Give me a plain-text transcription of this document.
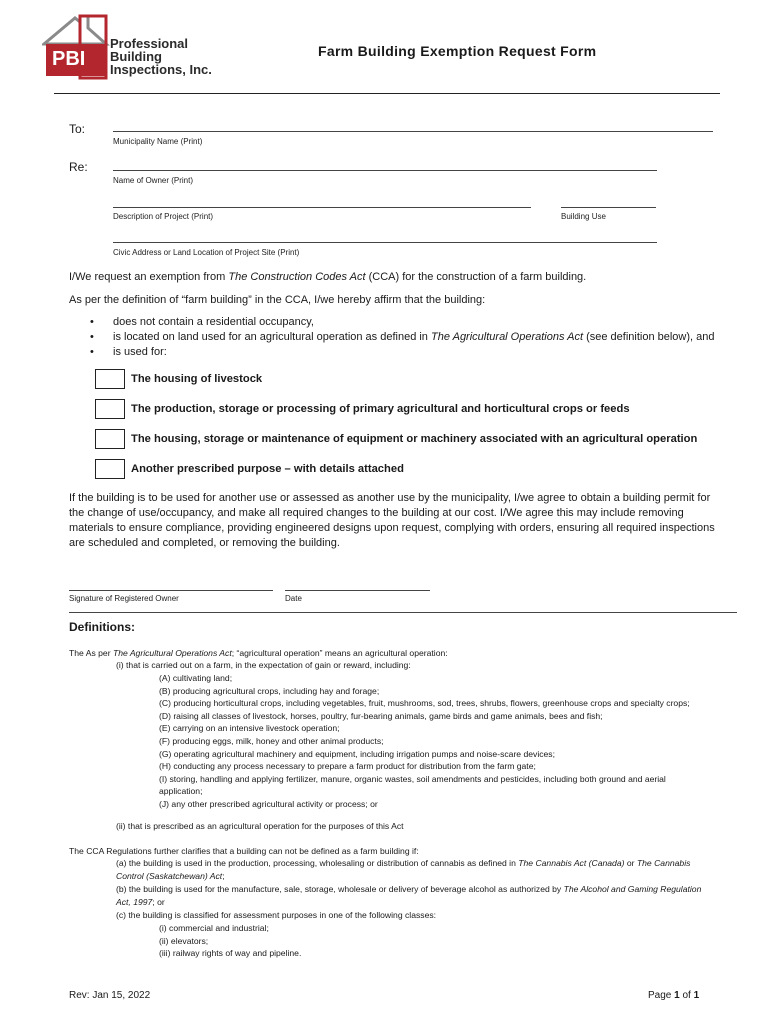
PBI
Professional
Building
Inspections, Inc.
Farm Building Exemption Request Form
To:
Municipality Name (Print)
Re:
Name of Owner (Print)
Description of Project (Print)	Building Use
Civic Address or Land Location of Project Site (Print)
I/We request an exemption from The Construction Codes Act (CCA) for the construction of a farm building.
As per the definition of “farm building” in the CCA, I/we hereby affirm that the building:
• does not contain a residential occupancy,
• is located on land used for an agricultural operation as defined in The Agricultural Operations Act (see definition below), and
• is used for:
The housing of livestock
The production, storage or processing of primary agricultural and horticultural crops or feeds
The housing, storage or maintenance of equipment or machinery associated with an agricultural operation
Another prescribed purpose – with details attached
If the building is to be used for another use or assessed as another use by the municipality, I/we agree to obtain a building permit for the change of use/occupancy, and make all required changes to the building at our cost. I/We agree this may include removing materials to ensure compliance, providing engineered designs upon request, complying with orders, ensuring all required inspections are scheduled and completed, or removing the building.
Signature of Registered Owner	Date
Definitions:
The As per The Agricultural Operations Act; “agricultural operation” means an agricultural operation:
(i) that is carried out on a farm, in the expectation of gain or reward, including:
(A) cultivating land;
(B) producing agricultural crops, including hay and forage;
(C) producing horticultural crops, including vegetables, fruit, mushrooms, sod, trees, shrubs, flowers, greenhouse crops and specialty crops;
(D) raising all classes of livestock, horses, poultry, fur-bearing animals, game birds and game animals, bees and fish;
(E) carrying on an intensive livestock operation;
(F) producing eggs, milk, honey and other animal products;
(G) operating agricultural machinery and equipment, including irrigation pumps and noise-scare devices;
(H) conducting any process necessary to prepare a farm product for distribution from the farm gate;
(I) storing, handling and applying fertilizer, manure, organic wastes, soil amendments and pesticides, including both ground and aerial
application;
(J) any other prescribed agricultural activity or process; or
(ii) that is prescribed as an agricultural operation for the purposes of this Act
The CCA Regulations further clarifies that a building can not be defined as a farm building if:
(a) the building is used in the production, processing, wholesaling or distribution of cannabis as defined in The Cannabis Act (Canada) or The Cannabis Control (Saskatchewan) Act;
(b) the building is used for the manufacture, sale, storage, wholesale or delivery of beverage alcohol as authorized by The Alcohol and Gaming Regulation Act, 1997; or
(c) the building is classified for assessment purposes in one of the following classes:
(i) commercial and industrial;
(ii) elevators;
(iii) railway rights of way and pipeline.
Rev: Jan 15, 2022	Page 1 of 1
